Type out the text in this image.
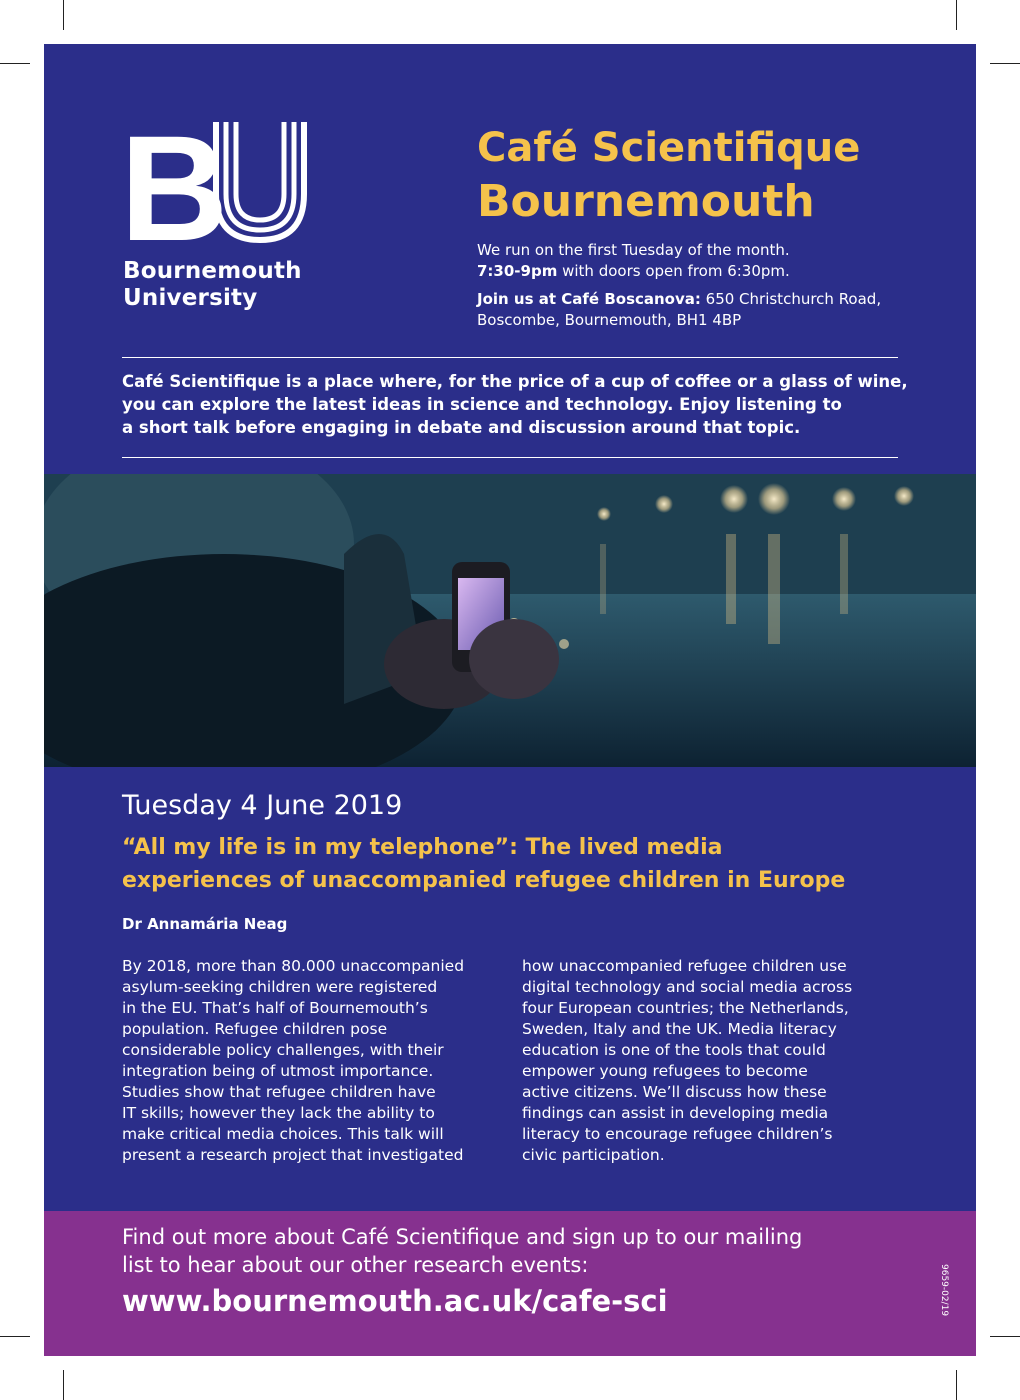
B
Bournemouth
University
Café Scientifique
Bournemouth
We run on the first Tuesday of the month.
7:30-9pm with doors open from 6:30pm.
Join us at Café Boscanova: 650 Christchurch Road,
Boscombe, Bournemouth, BH1 4BP
Café Scientifique is a place where, for the price of a cup of coffee or a glass of wine,
you can explore the latest ideas in science and technology. Enjoy listening to
a short talk before engaging in debate and discussion around that topic.
Tuesday 4 June 2019
“All my life is in my telephone”: The lived media
experiences of unaccompanied refugee children in Europe
Dr Annamária Neag
By 2018, more than 80.000 unaccompanied
asylum-seeking children were registered
in the EU. That’s half of Bournemouth’s
population. Refugee children pose
considerable policy challenges, with their
integration being of utmost importance.
Studies show that refugee children have
IT skills; however they lack the ability to
make critical media choices. This talk will
present a research project that investigated
how unaccompanied refugee children use
digital technology and social media across
four European countries; the Netherlands,
Sweden, Italy and the UK. Media literacy
education is one of the tools that could
empower young refugees to become
active citizens. We’ll discuss how these
findings can assist in developing media
literacy to encourage refugee children’s
civic participation.
Find out more about Café Scientifique and sign up to our mailing
list to hear about our other research events:
www.bournemouth.ac.uk/cafe-sci	9659-02/19
